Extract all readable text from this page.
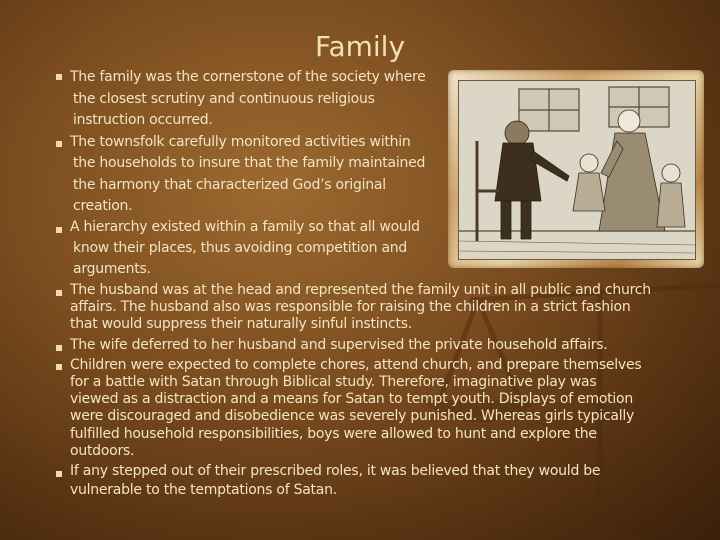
Family
The family was the cornerstone of the society where
the closest scrutiny and continuous religious
instruction occurred.
The townsfolk carefully monitored activities within
the households to insure that the family maintained
the harmony that characterized God’s original
creation.
A hierarchy existed within a family so that all would
know their places, thus avoiding competition and
arguments.
The husband was at the head and represented the family unit in all public and church
affairs. The husband also was responsible for raising the children in a strict fashion
that would suppress their naturally sinful instincts.
The wife deferred to her husband and supervised the private household affairs.
Children were expected to complete chores, attend church, and prepare themselves
for a battle with Satan through Biblical study. Therefore, imaginative play was
viewed as a distraction and a means for Satan to tempt youth. Displays of emotion
were discouraged and disobedience was severely punished. Whereas girls typically
fulfilled household responsibilities, boys were allowed to hunt and explore the
outdoors.
If any stepped out of their prescribed roles, it was believed that they would be
vulnerable to the temptations of Satan.
